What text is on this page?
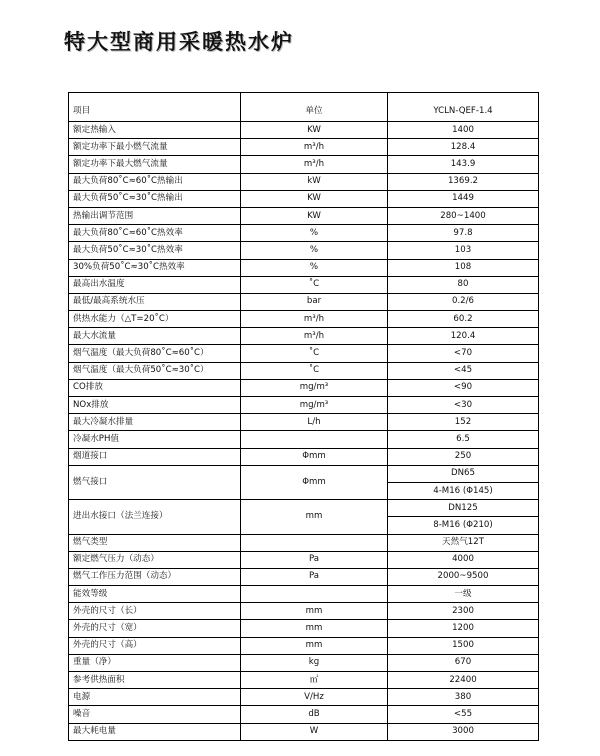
特大型商用采暖热水炉
项目	单位	YCLN-QEF-1.4
额定热输入	KW	1400
额定功率下最小燃气流量	m³/h	128.4
额定功率下最大燃气流量	m³/h	143.9
最大负荷80˚C≈60˚C热输出	kW	1369.2
最大负荷50˚C≈30˚C热输出	KW	1449
热输出调节范围	KW	280~1400
最大负荷80˚C≈60˚C热效率	%	97.8
最大负荷50˚C≈30˚C热效率	%	103
30%负荷50˚C≈30˚C热效率	%	108
最高出水温度	˚C	80
最低/最高系统水压	bar	0.2/6
供热水能力（△T=20˚C）	m³/h	60.2
最大水流量	m³/h	120.4
烟气温度（最大负荷80˚C≈60˚C）	˚C	<70
烟气温度（最大负荷50˚C≈30˚C）	˚C	<45
CO排放	mg/m³	<90
NOx排放	mg/m³	<30
最大冷凝水排量	L/h	152
冷凝水PH值		6.5
烟道接口	Φmm	250
燃气接口	Φmm	DN65
		4-M16 (Φ145)
进出水接口（法兰连接）	mm	DN125
		8-M16 (Φ210)
燃气类型		天然气12T
额定燃气压力（动态）	Pa	4000
燃气工作压力范围（动态）	Pa	2000~9500
能效等级		一级
外壳的尺寸（长）	mm	2300
外壳的尺寸（宽）	mm	1200
外壳的尺寸（高）	mm	1500
重量（净）	kg	670
参考供热面积	㎡	22400
电源	V/Hz	380
噪音	dB	<55
最大耗电量	W	3000
